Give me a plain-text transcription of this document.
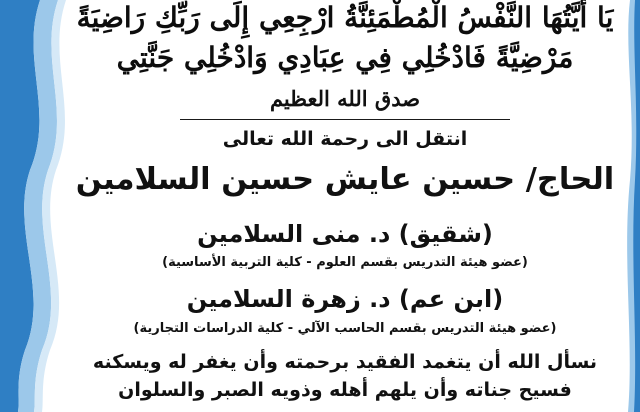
يَا أَيَّتُهَا النَّفْسُ الْمُطْمَئِنَّةُ ارْجِعِي إِلَى رَبِّكِ رَاضِيَةً
مَرْضِيَّةً فَادْخُلِي فِي عِبَادِي وَادْخُلِي جَنَّتِي
صدق الله العظيم
انتقل الى رحمة الله تعالى
الحاج/ حسين عايش حسين السلامين
(شقيق) د. منى السلامين
(عضو هيئة التدريس بقسم العلوم - كلية التربية الأساسية)
(ابن عم) د. زهرة السلامين
(عضو هيئة التدريس بقسم الحاسب الآلي - كلية الدراسات التجارية)
نسأل الله أن يتغمد الفقيد برحمته وأن يغفر له ويسكنه
فسيح جناته وأن يلهم أهله وذويه الصبر والسلوان
